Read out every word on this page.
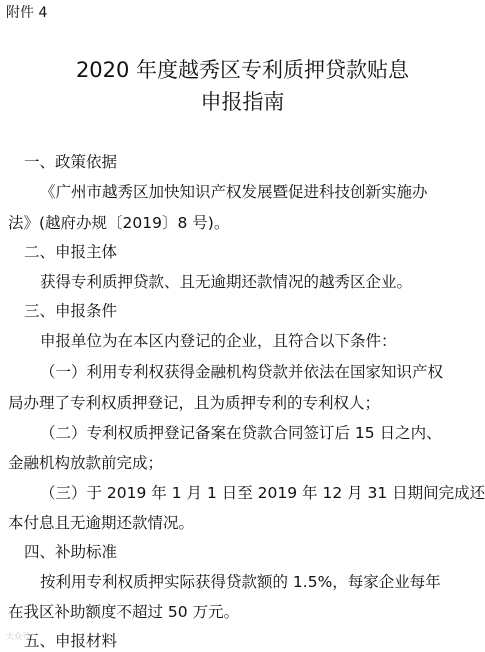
附件 4
2020 年度越秀区专利质押贷款贴息
申报指南
一、政策依据
《广州市越秀区加快知识产权发展暨促进科技创新实施办
法》(越府办规〔2019〕8 号)。
二、申报主体
获得专利质押贷款、且无逾期还款情况的越秀区企业。
三、申报条件
申报单位为在本区内登记的企业，且符合以下条件：
（一）利用专利权获得金融机构贷款并依法在国家知识产权
局办理了专利权质押登记，且为质押专利的专利权人；
（二）专利权质押登记备案在贷款合同签订后 15 日之内、
金融机构放款前完成；
（三）于 2019 年 1 月 1 日至 2019 年 12 月 31 日期间完成还
本付息且无逾期还款情况。
四、补助标准
按利用专利权质押实际获得贷款额的 1.5%，每家企业每年
在我区补助额度不超过 50 万元。
五、申报材料
大众号
